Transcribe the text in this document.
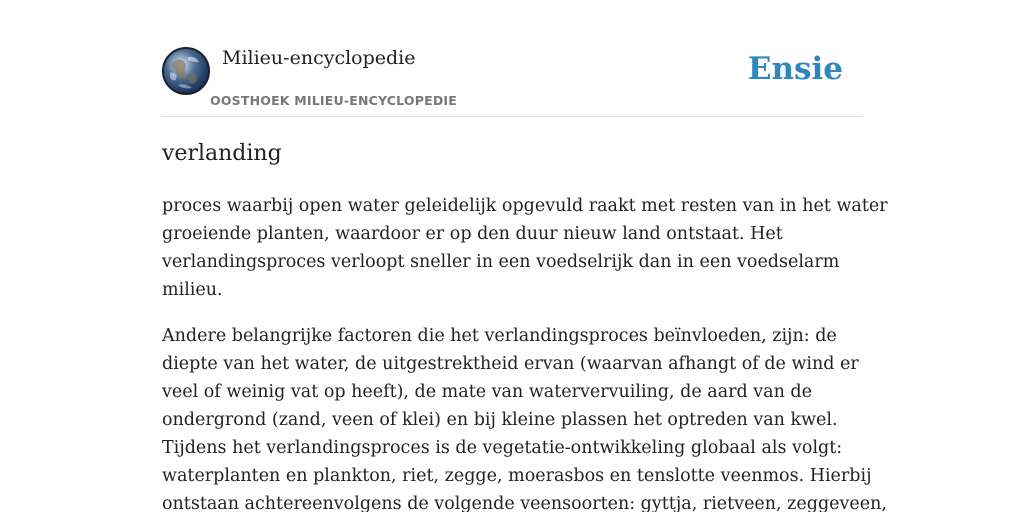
Milieu-encyclopedie
OOSTHOEK MILIEU-ENCYCLOPEDIE
Ensie
verlanding

proces waarbij open water geleidelijk opgevuld raakt met resten van in het water
groeiende planten, waardoor er op den duur nieuw land ontstaat. Het
verlandingsproces verloopt sneller in een voedselrijk dan in een voedselarm
milieu.

Andere belangrijke factoren die het verlandingsproces beïnvloeden, zijn: de
diepte van het water, de uitgestrektheid ervan (waarvan afhangt of de wind er
veel of weinig vat op heeft), de mate van watervervuiling, de aard van de
ondergrond (zand, veen of klei) en bij kleine plassen het optreden van kwel.
Tijdens het verlandingsproces is de vegetatie-ontwikkeling globaal als volgt:
waterplanten en plankton, riet, zegge, moerasbos en tenslotte veenmos. Hierbij
ontstaan achtereenvolgens de volgende veensoorten: gyttja, rietveen, zeggeveen,
